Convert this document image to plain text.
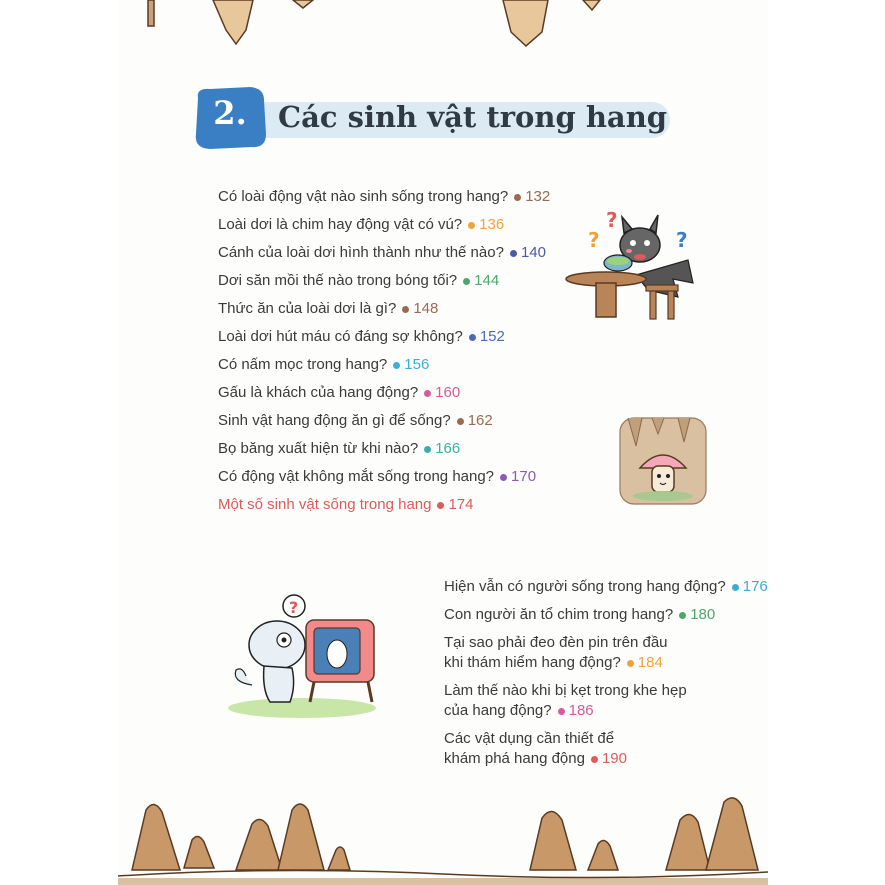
2.	Các sinh vật trong hang
Có loài động vật nào sinh sống trong hang? 132
Loài dơi là chim hay động vật có vú? 136
Cánh của loài dơi hình thành như thế nào? 140
Dơi săn mồi thế nào trong bóng tối? 144
Thức ăn của loài dơi là gì? 148
Loài dơi hút máu có đáng sợ không? 152
Có nấm mọc trong hang? 156
Gấu là khách của hang động? 160
Sinh vật hang động ăn gì để sống? 162
Bọ băng xuất hiện từ khi nào? 166
Có động vật không mắt sống trong hang? 170
Một số sinh vật sống trong hang 174
?
?	?
?
Hiện vẫn có người sống trong hang động? 176
Con người ăn tổ chim trong hang? 180
Tại sao phải đeo đèn pin trên đầu
khi thám hiểm hang động? 184
Làm thế nào khi bị kẹt trong khe hẹp
của hang động? 186
Các vật dụng cần thiết để
khám phá hang động 190
